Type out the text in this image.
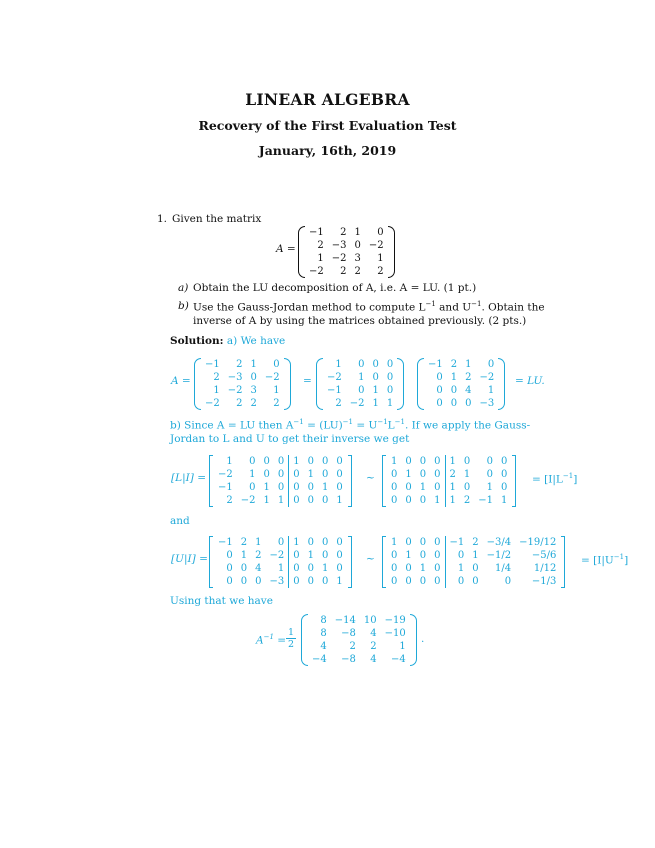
LINEAR ALGEBRA
Recovery of the First Evaluation Test
January, 16th, 2019
1. Given the matrix
A =
−1	2	1	0
2	−3	0	−2
1	−2	3	1
−2	2	2	2
a) Obtain the LU decomposition of A, i.e. A = LU. (1 pt.)
b) Use the Gauss-Jordan method to compute $L^{-1}$ and $U^{-1}$. Obtain the
inverse of A by using the matrices obtained previously. (2 pts.)
Solution: a) We have
A =
−1	2	1	0
2	−3	0	−2
1	−2	3	1
−2	2	2	2
=
1	0	0	0
−2	1	0	0
−1	0	1	0
2	−2	1	1
−1	2	1	0
0	1	2	−2
0	0	4	1
0	0	0	−3
= LU.
b) Since A = LU then $A^{-1} = (LU)^{-1} = U^{-1}L^{-1}$. If we apply the Gauss-
Jordan to L and U to get their inverse we get
[L|I] =
1	0	0	0	1	0	0	0
−2	1	0	0	0	1	0	0
−1	0	1	0	0	0	1	0
2	−2	1	1	0	0	0	1
∼
1	0	0	0	1	0	0	0
0	1	0	0	2	1	0	0
0	0	1	0	1	0	1	0
0	0	0	1	1	2	−1	1
= $[I|L^{-1}]$
and
[U|I] =
−1	2	1	0	1	0	0	0
0	1	2	−2	0	1	0	0
0	0	4	1	0	0	1	0
0	0	0	−3	0	0	0	1
∼
1	0	0	0	−1	2	−3/4	−19/12
0	1	0	0	0	1	−1/2	−5/6
0	0	1	0	1	0	1/4	1/12
0	0	0	0	0	0	0	−1/3
= $[I|U^{-1}]$
Using that we have
$A^{-1} = \frac{1}{2}$
8	−14	10	−19
8	−8	4	−10
4	2	2	1
−4	−8	4	−4
.
